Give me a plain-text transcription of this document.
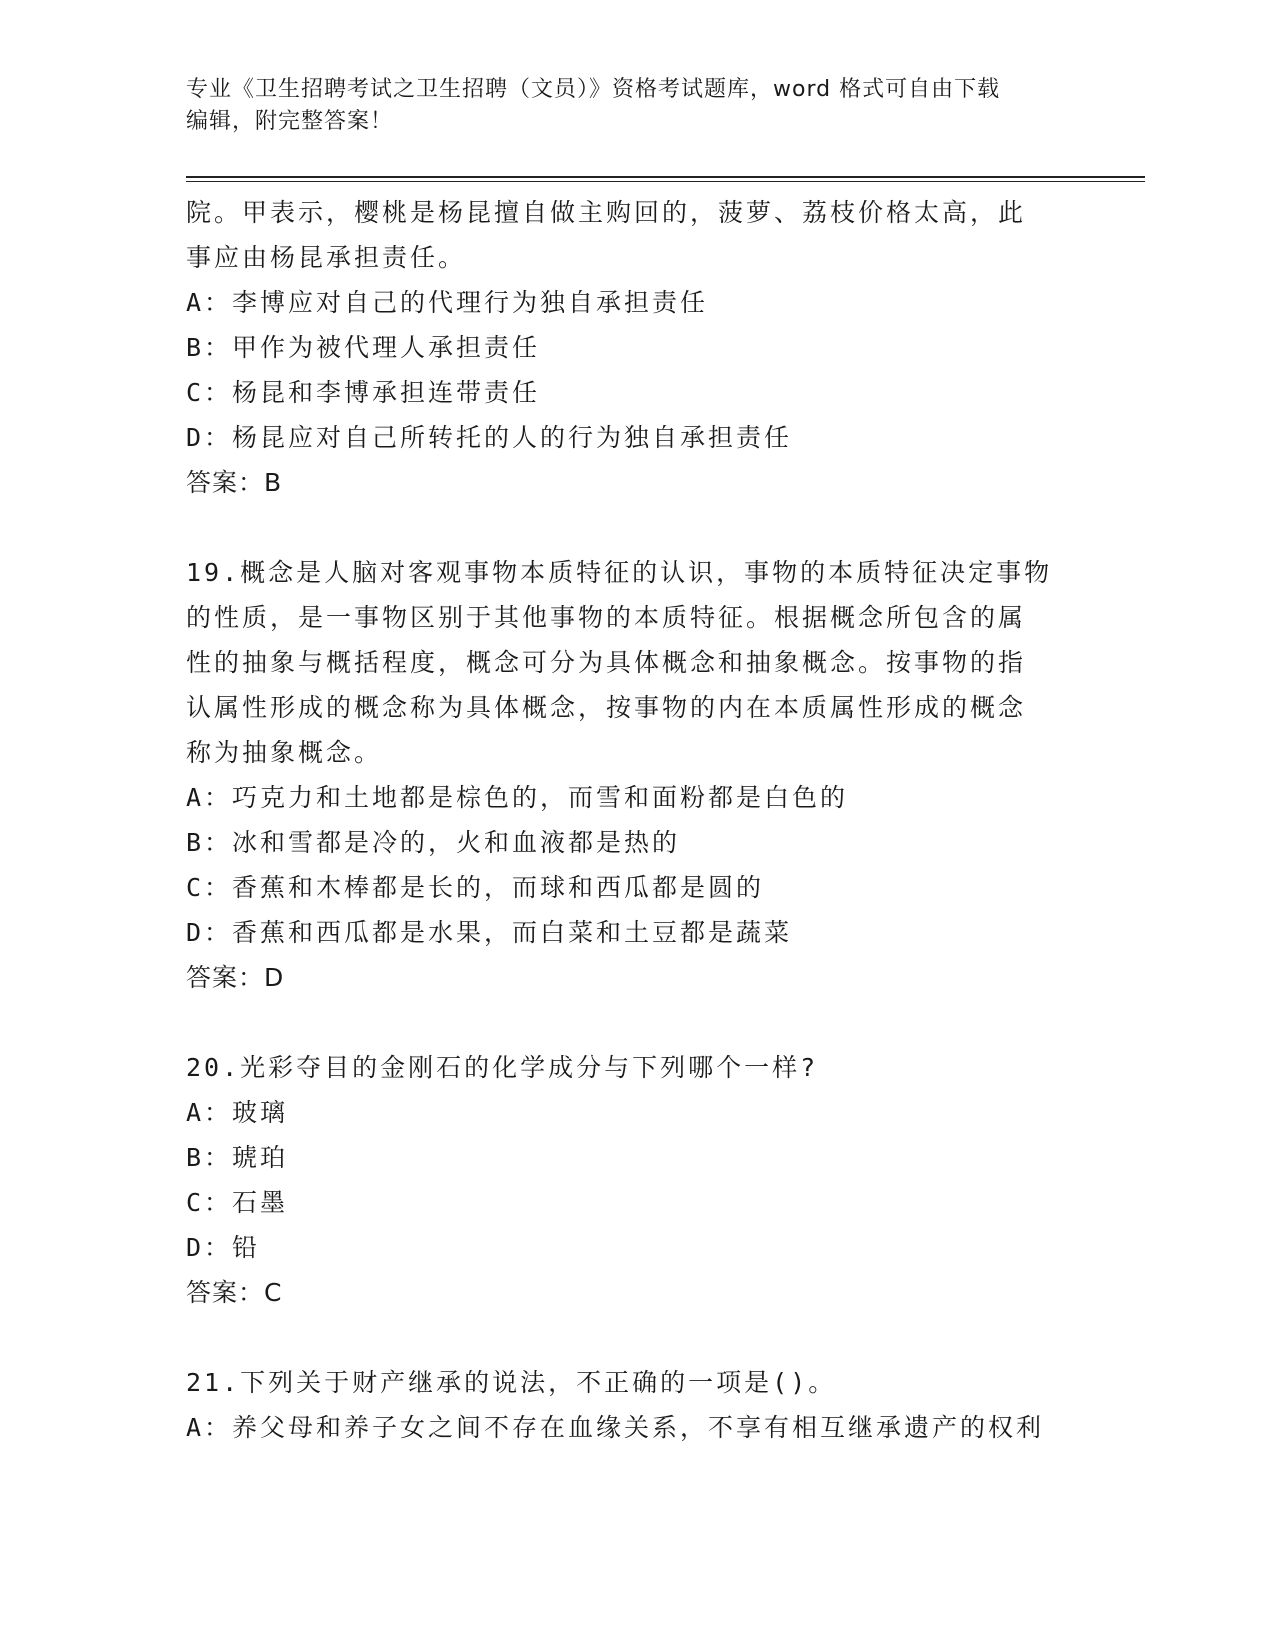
专业《卫生招聘考试之卫生招聘（文员）》资格考试题库，word 格式可自由下载
编辑，附完整答案！
院。甲表示，樱桃是杨昆擅自做主购回的，菠萝、荔枝价格太高，此
事应由杨昆承担责任。
A：李博应对自己的代理行为独自承担责任
B：甲作为被代理人承担责任
C：杨昆和李博承担连带责任
D：杨昆应对自己所转托的人的行为独自承担责任
答案：B
19.概念是人脑对客观事物本质特征的认识，事物的本质特征决定事物
的性质，是一事物区别于其他事物的本质特征。根据概念所包含的属
性的抽象与概括程度，概念可分为具体概念和抽象概念。按事物的指
认属性形成的概念称为具体概念，按事物的内在本质属性形成的概念
称为抽象概念。
A：巧克力和土地都是棕色的，而雪和面粉都是白色的
B：冰和雪都是冷的，火和血液都是热的
C：香蕉和木棒都是长的，而球和西瓜都是圆的
D：香蕉和西瓜都是水果，而白菜和土豆都是蔬菜
答案：D
20.光彩夺目的金刚石的化学成分与下列哪个一样?
A：玻璃
B：琥珀
C：石墨
D：铅
答案：C
21.下列关于财产继承的说法，不正确的一项是()。
A：养父母和养子女之间不存在血缘关系，不享有相互继承遗产的权利
